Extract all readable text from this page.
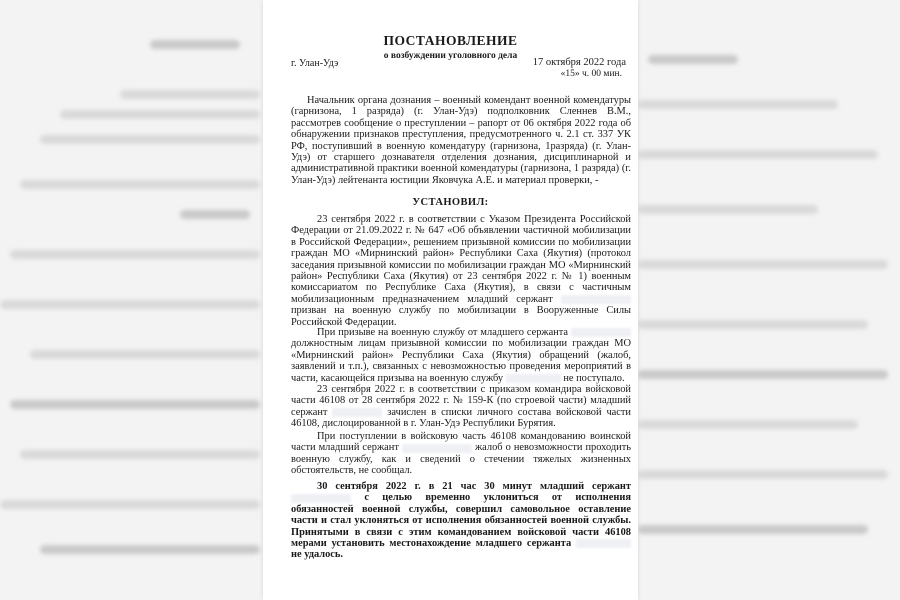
ПОСТАНОВЛЕНИЕ
о возбуждении уголовного дела
г. Улан-Удэ	17 октября 2022 года
«15» ч. 00 мин.
Начальник органа дознания – военный комендант военной комендатуры (гарнизона, 1 разряда) (г. Улан-Удэ) подполковник Сленнев В.М., рассмотрев сообщение о преступлении – рапорт от 06 октября 2022 года об обнаружении признаков преступления, предусмотренного ч. 2.1 ст. 337 УК РФ, поступивший в военную комендатуру (гарнизона, 1разряда) (г. Улан-Удэ) от старшего дознавателя отделения дознания, дисциплинарной и административной практики военной комендатуры (гарнизона, 1 разряда) (г. Улан-Удэ) лейтенанта юстиции Яковчука А.Е. и материал проверки, -
УСТАНОВИЛ:
23 сентября 2022 г. в соответствии с Указом Президента Российской Федерации от 21.09.2022 г. № 647 «Об объявлении частичной мобилизации в Российской Федерации», решением призывной комиссии по мобилизации граждан МО «Мирнинский район» Республики Саха (Якутия) (протокол заседания призывной комиссии по мобилизации граждан МО «Мирнинский район» Республики Саха (Якутия) от 23 сентября 2022 г. № 1) военным комиссариатом по Республике Саха (Якутия), в связи с частичным мобилизационным предназначением младший сержант  призван на военную службу по мобилизации в Вооруженные Силы Российской Федерации.
При призыве на военную службу от младшего сержанта  должностным лицам призывной комиссии по мобилизации граждан МО «Мирнинский район» Республики Саха (Якутия) обращений (жалоб, заявлений и т.п.), связанных с невозможностью проведения мероприятий в части, касающейся призыва на военную службу	не поступало.
23 сентября 2022 г. в соответствии с приказом командира войсковой части 46108 от 28 сентября 2022 г. № 159-К (по строевой части) младший сержант	зачислен в списки личного состава войсковой части 46108, дислоцированной в г. Улан-Удэ Республики Бурятия.
При поступлении в войсковую часть 46108 командованию воинской части младший сержант	жалоб о невозможности проходить военную службу, как и сведений о стечении тяжелых жизненных обстоятельств, не сообщал.
30 сентября 2022 г. в 21 час 30 минут младший сержант  с целью временно уклониться от исполнения обязанностей военной службы, совершил самовольное оставление части и стал уклоняться от исполнения обязанностей военной службы. Принятыми в связи с этим командованием войсковой части 46108 мерами установить местонахождение младшего сержанта  не удалось.
